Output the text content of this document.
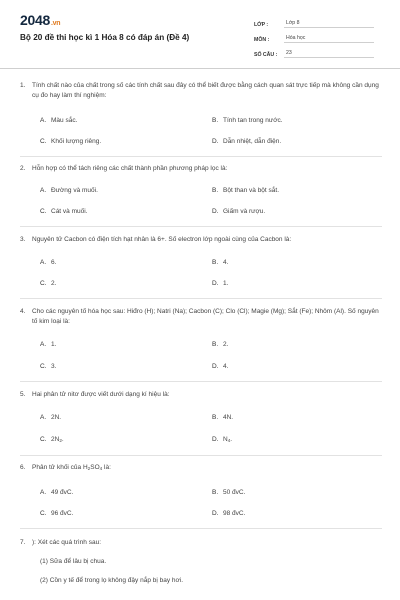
2048.vn
Bộ 20 đề thi học kì 1 Hóa 8 có đáp án (Đề 4)
LỚP :	Lớp 8
MÔN :	Hóa học
SỐ CÂU :	23
1. Tính chất nào của chất trong số các tính chất sau đây có thể biết được bằng cách quan sát trực tiếp mà không cần dụng cụ đo hay làm thí nghiệm:
A. Màu sắc.	B. Tính tan trong nước.
C. Khối lượng riêng.	D. Dẫn nhiệt, dẫn điện.
2. Hỗn hợp có thể tách riêng các chất thành phần phương pháp lọc là:
A. Đường và muối.	B. Bột than và bột sắt.
C. Cát và muối.	D. Giấm và rượu.
3. Nguyên tử Cacbon có điện tích hạt nhân là 6+. Số electron lớp ngoài cùng của Cacbon là:
A. 6.	B. 4.
C. 2.	D. 1.
4. Cho các nguyên tố hóa học sau: Hiđro (H); Natri (Na); Cacbon (C); Clo (Cl); Magie (Mg); Sắt (Fe); Nhôm (Al). Số nguyên tố kim loại là:
A. 1.	B. 2.
C. 3.	D. 4.
5. Hai phân tử nitơ được viết dưới dạng kí hiệu là:
A. 2N.	B. 4N.
C. $2N_2$.	D. $N_4$.
6. Phân tử khối của $H_2SO_4$ là:
A. 49 đvC.	B. 50 đvC.
C. 96 đvC.	D. 98 đvC.
7. ): Xét các quá trình sau:
(1) Sữa để lâu bị chua.
(2) Cồn y tế để trong lọ không đậy nắp bị bay hơi.
